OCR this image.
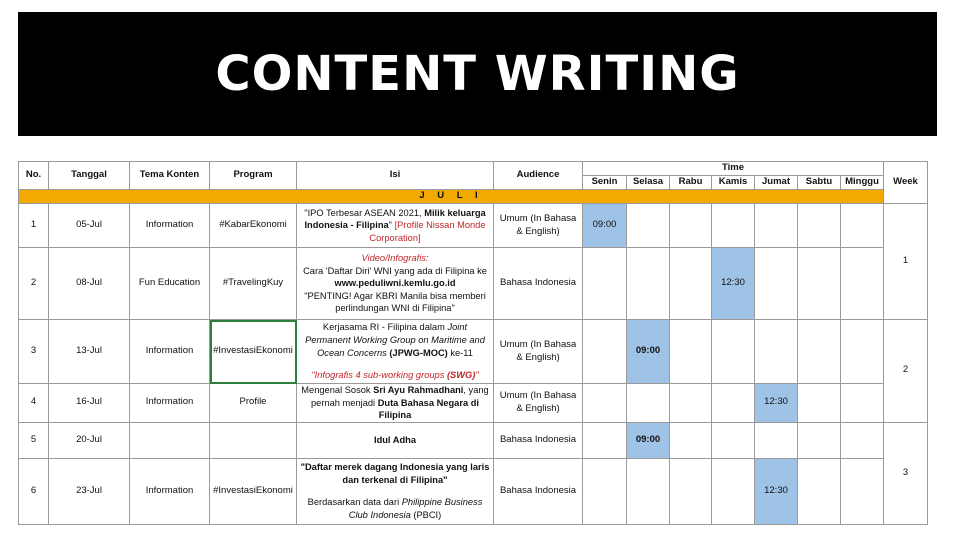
CONTENT WRITING
No.	Tanggal	Tema Konten	Program	Isi	Audience	Time							Week
						Senin	Selasa	Rabu	Kamis	Jumat	Sabtu	Minggu	
J U L I													
1	05-Jul	Information	#KabarEkonomi	"IPO Terbesar ASEAN 2021, Milik keluarga Indonesia - Filipina" [Profile Nissan Monde Corporation]	Umum (In Bahasa & English)	09:00							1
2	08-Jul	Fun Education	#TravelingKuy	Video/Infografis:
Cara 'Daftar Diri' WNI yang ada di Filipina ke
www.peduliwni.kemlu.go.id
"PENTING! Agar KBRI Manila bisa memberi perlindungan WNI di Filipina"	Bahasa Indonesia				12:30				
3	13-Jul	Information	#InvestasiEkonomi	Kerjasama RI - Filipina dalam Joint Permanent Working Group on Maritime and Ocean Concerns (JPWG-MOC) ke-11
"Infografis 4 sub-working groups (SWG)"	Umum (In Bahasa & English)		09:00						2
4	16-Jul	Information	Profile	Mengenal Sosok Sri Ayu Rahmadhani, yang pernah menjadi Duta Bahasa Negara di Filipina	Umum (In Bahasa & English)					12:30			
5	20-Jul			Idul Adha	Bahasa Indonesia		09:00						3
6	23-Jul	Information	#InvestasiEkonomi	"Daftar merek dagang Indonesia yang laris dan terkenal di Filipina"
Berdasarkan data dari Philippine Business Club Indonesia (PBCI)	Bahasa Indonesia					12:30			
